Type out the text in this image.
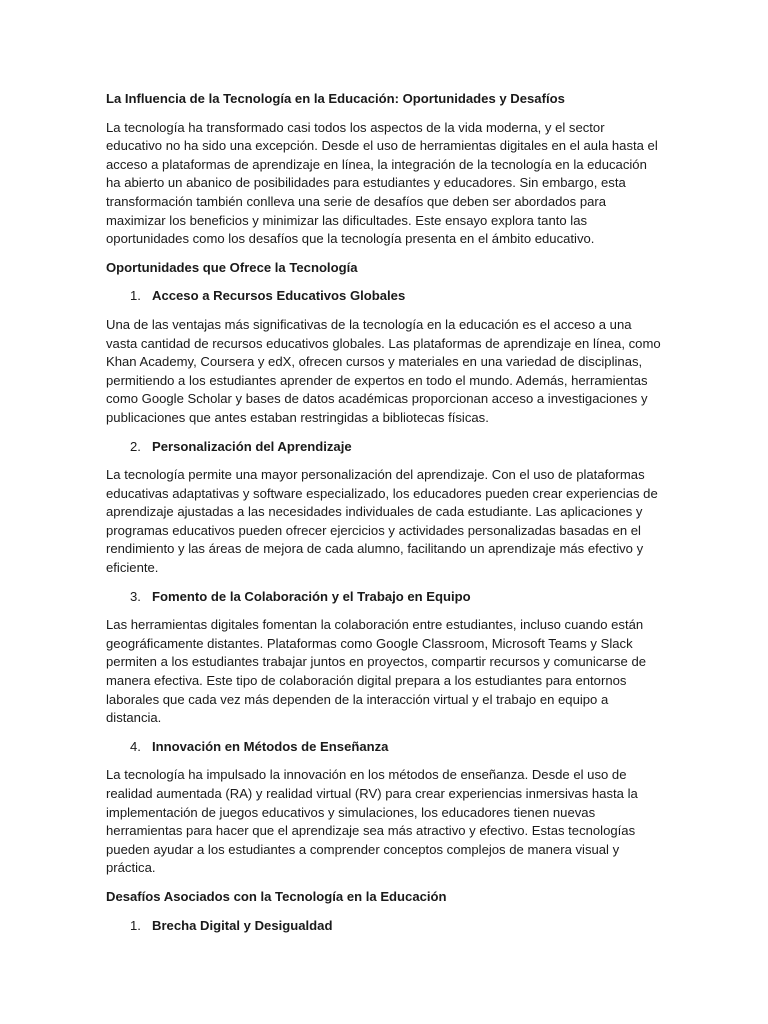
La Influencia de la Tecnología en la Educación: Oportunidades y Desafíos

La tecnología ha transformado casi todos los aspectos de la vida moderna, y el sector educativo no ha sido una excepción. Desde el uso de herramientas digitales en el aula hasta el acceso a plataformas de aprendizaje en línea, la integración de la tecnología en la educación ha abierto un abanico de posibilidades para estudiantes y educadores. Sin embargo, esta transformación también conlleva una serie de desafíos que deben ser abordados para maximizar los beneficios y minimizar las dificultades. Este ensayo explora tanto las oportunidades como los desafíos que la tecnología presenta en el ámbito educativo.

Oportunidades que Ofrece la Tecnología
1. Acceso a Recursos Educativos Globales

Una de las ventajas más significativas de la tecnología en la educación es el acceso a una vasta cantidad de recursos educativos globales. Las plataformas de aprendizaje en línea, como Khan Academy, Coursera y edX, ofrecen cursos y materiales en una variedad de disciplinas, permitiendo a los estudiantes aprender de expertos en todo el mundo. Además, herramientas como Google Scholar y bases de datos académicas proporcionan acceso a investigaciones y publicaciones que antes estaban restringidas a bibliotecas físicas.

2. Personalización del Aprendizaje

La tecnología permite una mayor personalización del aprendizaje. Con el uso de plataformas educativas adaptativas y software especializado, los educadores pueden crear experiencias de aprendizaje ajustadas a las necesidades individuales de cada estudiante. Las aplicaciones y programas educativos pueden ofrecer ejercicios y actividades personalizadas basadas en el rendimiento y las áreas de mejora de cada alumno, facilitando un aprendizaje más efectivo y eficiente.

3. Fomento de la Colaboración y el Trabajo en Equipo

Las herramientas digitales fomentan la colaboración entre estudiantes, incluso cuando están geográficamente distantes. Plataformas como Google Classroom, Microsoft Teams y Slack permiten a los estudiantes trabajar juntos en proyectos, compartir recursos y comunicarse de manera efectiva. Este tipo de colaboración digital prepara a los estudiantes para entornos laborales que cada vez más dependen de la interacción virtual y el trabajo en equipo a distancia.

4. Innovación en Métodos de Enseñanza

La tecnología ha impulsado la innovación en los métodos de enseñanza. Desde el uso de realidad aumentada (RA) y realidad virtual (RV) para crear experiencias inmersivas hasta la implementación de juegos educativos y simulaciones, los educadores tienen nuevas herramientas para hacer que el aprendizaje sea más atractivo y efectivo. Estas tecnologías pueden ayudar a los estudiantes a comprender conceptos complejos de manera visual y práctica.

Desafíos Asociados con la Tecnología en la Educación
1. Brecha Digital y Desigualdad
